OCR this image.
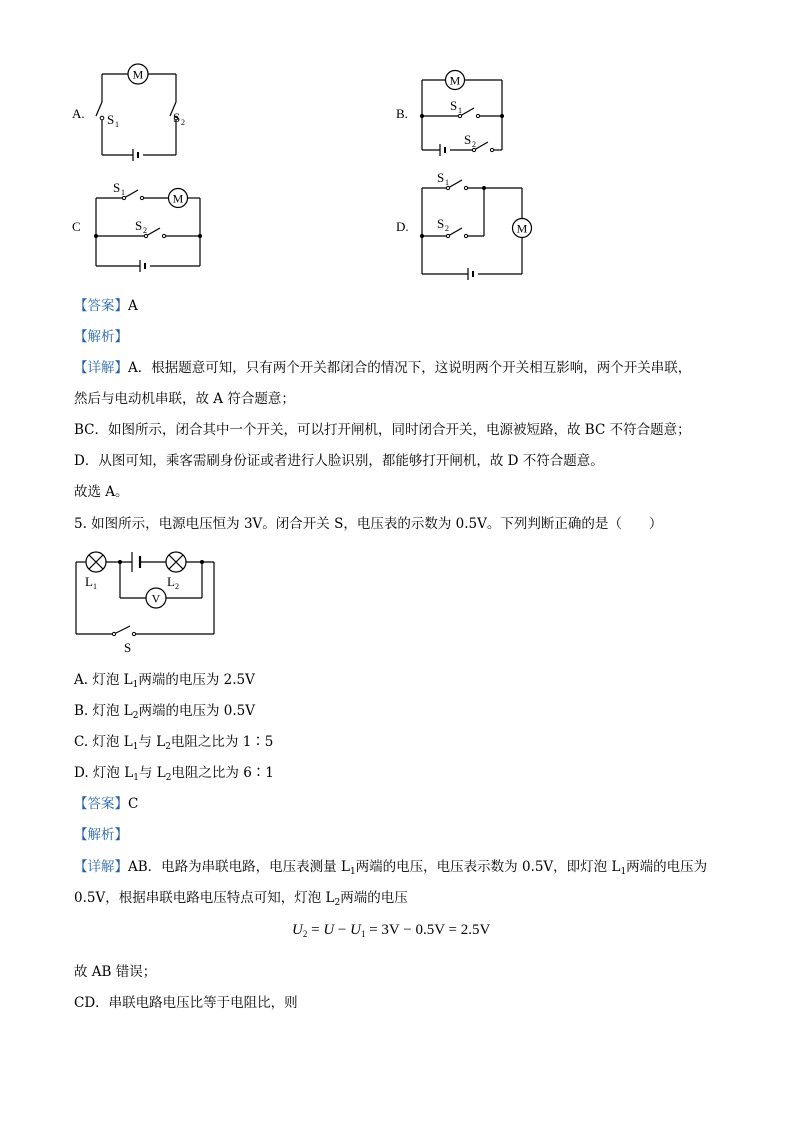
A.	B.
C	D.
M
S 1	S 2
M
S 1
S 2
M
S 1
S 2	M
S 1
S 2
【答案】A
【解析】
【详解】A．根据题意可知，只有两个开关都闭合的情况下，这说明两个开关相互影响，两个开关串联，
然后与电动机串联，故 A 符合题意；
BC．如图所示，闭合其中一个开关，可以打开闸机，同时闭合开关，电源被短路，故 BC 不符合题意；
D．从图可知，乘客需刷身份证或者进行人脸识别，都能够打开闸机，故 D 不符合题意。
故选 A。
5. 如图所示，电源电压恒为 3V。闭合开关 S，电压表的示数为 0.5V。下列判断正确的是（　　）
V
L 1	L 2
S
A. 灯泡 $L_1$两端的电压为 2.5V
B. 灯泡 $L_2$两端的电压为 0.5V
C. 灯泡 $L_1$与 $L_2$电阻之比为 1∶5
D. 灯泡 $L_1$与 $L_2$电阻之比为 6∶1
【答案】C
【解析】
【详解】AB．电路为串联电路，电压表测量 $L_1$两端的电压，电压表示数为 0.5V，即灯泡 $L_1$两端的电压为
0.5V，根据串联电路电压特点可知，灯泡 $L_2$两端的电压
$U_2 = U - U_1 = 3V - 0.5V = 2.5V$
故 AB 错误；
CD．串联电路电压比等于电阻比，则
